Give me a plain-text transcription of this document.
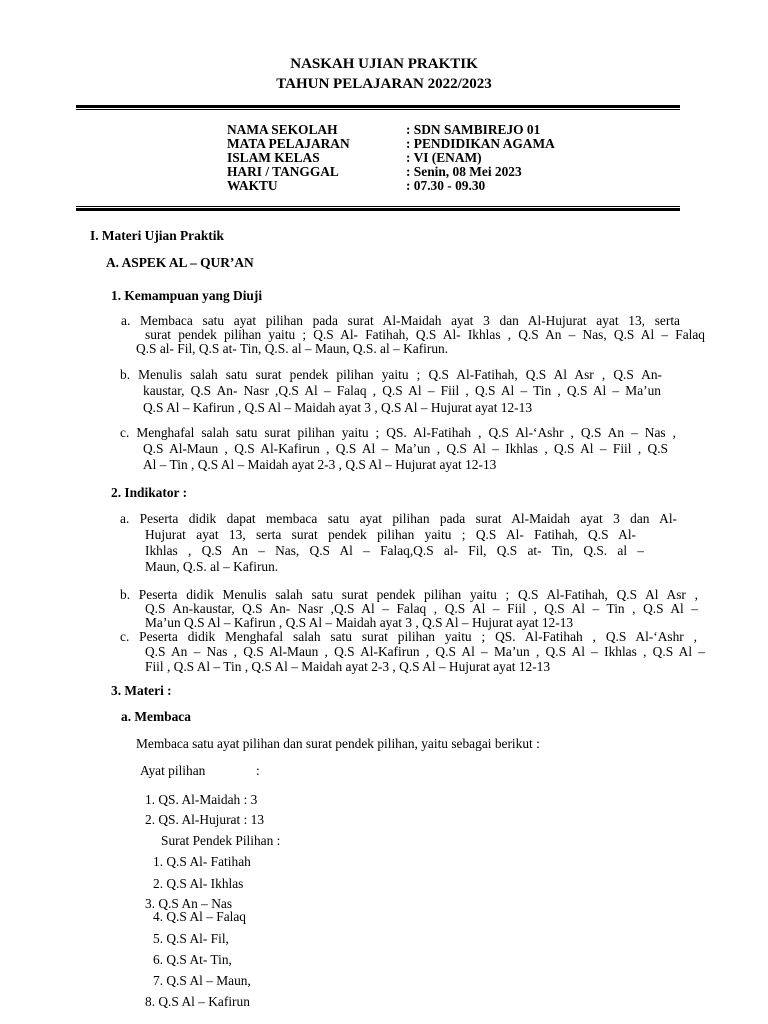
NASKAH UJIAN PRAKTIK
TAHUN PELAJARAN 2022/2023
NAMA SEKOLAH	: SDN SAMBIREJO 01
MATA PELAJARAN	: PENDIDIKAN AGAMA
ISLAM KELAS	: VI (ENAM)
HARI / TANGGAL	: Senin, 08 Mei 2023
WAKTU	: 07.30 - 09.30
I. Materi Ujian Praktik
A. ASPEK AL – QUR’AN
1. Kemampuan yang Diuji
a. Membaca satu ayat pilihan pada surat Al-Maidah ayat 3 dan Al-Hujurat ayat 13, serta
surat pendek pilihan yaitu ; Q.S Al- Fatihah, Q.S Al- Ikhlas , Q.S An – Nas, Q.S Al – Falaq
Q.S al- Fil, Q.S at- Tin, Q.S. al – Maun, Q.S. al – Kafirun.
b. Menulis salah satu surat pendek pilihan yaitu ; Q.S Al-Fatihah, Q.S Al Asr , Q.S An-
kaustar, Q.S An- Nasr ,Q.S Al – Falaq , Q.S Al – Fiil , Q.S Al – Tin , Q.S Al – Ma’un
Q.S Al – Kafirun , Q.S Al – Maidah ayat 3 , Q.S Al – Hujurat ayat 12-13
c. Menghafal salah satu surat pilihan yaitu ; QS. Al-Fatihah , Q.S Al-‘Ashr , Q.S An – Nas ,
Q.S Al-Maun , Q.S Al-Kafirun , Q.S Al – Ma’un , Q.S Al – Ikhlas , Q.S Al – Fiil , Q.S
Al – Tin , Q.S Al – Maidah ayat 2-3 , Q.S Al – Hujurat ayat 12-13
2. Indikator :
a. Peserta didik dapat membaca satu ayat pilihan pada surat Al-Maidah ayat 3 dan Al-
Hujurat ayat 13, serta surat pendek pilihan yaitu ; Q.S Al- Fatihah, Q.S Al-
Ikhlas , Q.S An – Nas, Q.S Al – Falaq,Q.S al- Fil, Q.S at- Tin, Q.S. al –
Maun, Q.S. al – Kafirun.
b. Peserta didik Menulis salah satu surat pendek pilihan yaitu ; Q.S Al-Fatihah, Q.S Al Asr ,
Q.S An-kaustar, Q.S An- Nasr ,Q.S Al – Falaq , Q.S Al – Fiil , Q.S Al – Tin , Q.S Al –
Ma’un Q.S Al – Kafirun , Q.S Al – Maidah ayat 3 , Q.S Al – Hujurat ayat 12-13
c. Peserta didik Menghafal salah satu surat pilihan yaitu ; QS. Al-Fatihah , Q.S Al-‘Ashr ,
Q.S An – Nas , Q.S Al-Maun , Q.S Al-Kafirun , Q.S Al – Ma’un , Q.S Al – Ikhlas , Q.S Al –
Fiil , Q.S Al – Tin , Q.S Al – Maidah ayat 2-3 , Q.S Al – Hujurat ayat 12-13
3. Materi :
a. Membaca
Membaca satu ayat pilihan dan surat pendek pilihan, yaitu sebagai berikut :
Ayat pilihan	:
1. QS. Al-Maidah : 3
2. QS. Al-Hujurat : 13
Surat Pendek Pilihan :
1. Q.S Al- Fatihah
2. Q.S Al- Ikhlas
3. Q.S An – Nas
4. Q.S Al – Falaq
5. Q.S Al- Fil,
6. Q.S At- Tin,
7. Q.S Al – Maun,
8. Q.S Al – Kafirun
